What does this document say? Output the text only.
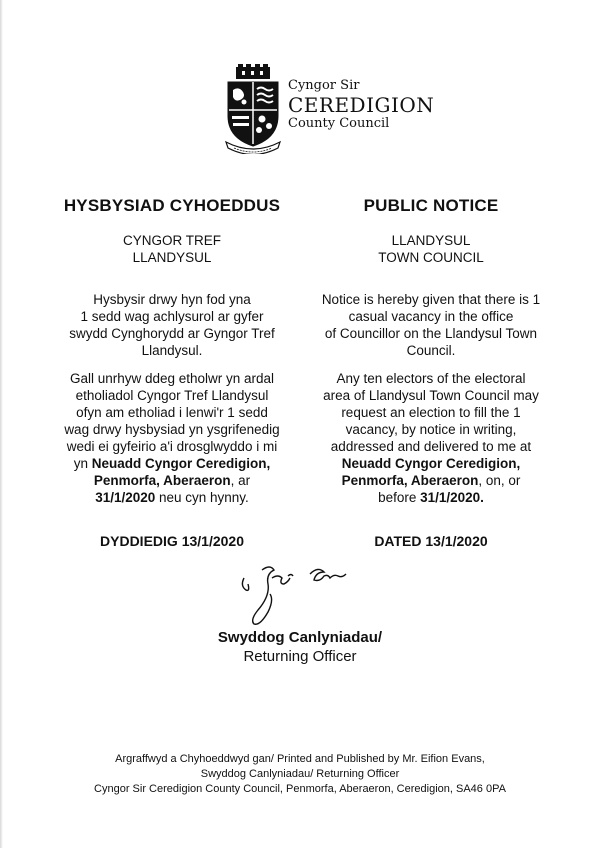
Cyngor Sir
CEREDIGION
County Council
HYSBYSIAD CYHOEDDUS
CYNGOR TREF
LLANDYSUL
Hysbysir drwy hyn fod yna
1 sedd wag achlysurol ar gyfer
swydd Cynghorydd ar Gyngor Tref
Llandysul.
Gall unrhyw ddeg etholwr yn ardal
etholiadol Cyngor Tref Llandysul
ofyn am etholiad i lenwi'r 1 sedd
wag drwy hysbysiad yn ysgrifenedig
wedi ei gyfeirio a'i drosglwyddo i mi
yn Neuadd Cyngor Ceredigion,
Penmorfa, Aberaeron, ar
31/1/2020 neu cyn hynny.
DYDDIEDIG 13/1/2020
PUBLIC NOTICE
LLANDYSUL
TOWN COUNCIL
Notice is hereby given that there is 1
casual vacancy in the office
of Councillor on the Llandysul Town
Council.
Any ten electors of the electoral
area of Llandysul Town Council may
request an election to fill the 1
vacancy, by notice in writing,
addressed and delivered to me at
Neuadd Cyngor Ceredigion,
Penmorfa, Aberaeron, on, or
before 31/1/2020.
DATED 13/1/2020
Swyddog Canlyniadau/
Returning Officer
Argraffwyd a Chyhoeddwyd gan/ Printed and Published by Mr. Eifion Evans,
Swyddog Canlyniadau/ Returning Officer
Cyngor Sir Ceredigion County Council, Penmorfa, Aberaeron, Ceredigion, SA46 0PA
